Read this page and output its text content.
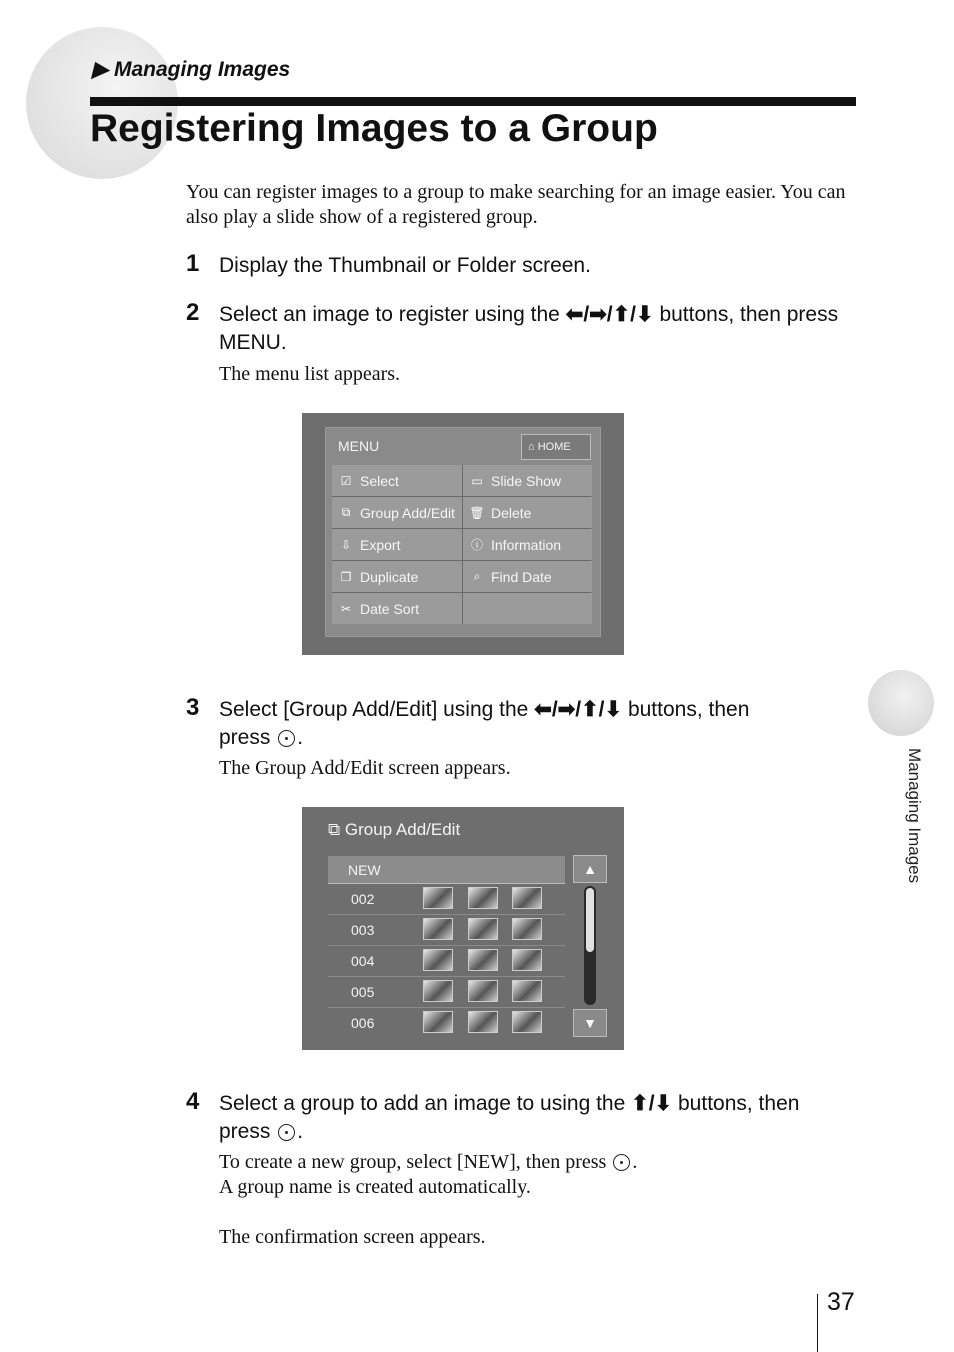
▶ Managing Images
Registering Images to a Group
You can register images to a group to make searching for an image easier. You can also play a slide show of a registered group.
1 Display the Thumbnail or Folder screen.
2 Select an image to register using the ⬅/➡/⬆/⬇ buttons, then press MENU.
The menu list appears.
MENU	⌂ HOME
☑ Select	▭ Slide Show
⧉ Group Add/Edit 🗑 Delete
⇩ Export	ⓘ Information
❐ Duplicate	⌕ Find Date
✂ Date Sort
3 Select [Group Add/Edit] using the ⬅/➡/⬆/⬇ buttons, then
press .
The Group Add/Edit screen appears.
⧉ Group Add/Edit
NEW
002
003
004
005
006
▲
▼
4 Select a group to add an image to using the ⬆/⬇ buttons, then
press .
To create a new group, select [NEW], then press .
A group name is created automatically.
The confirmation screen appears.
Managing Images
37
